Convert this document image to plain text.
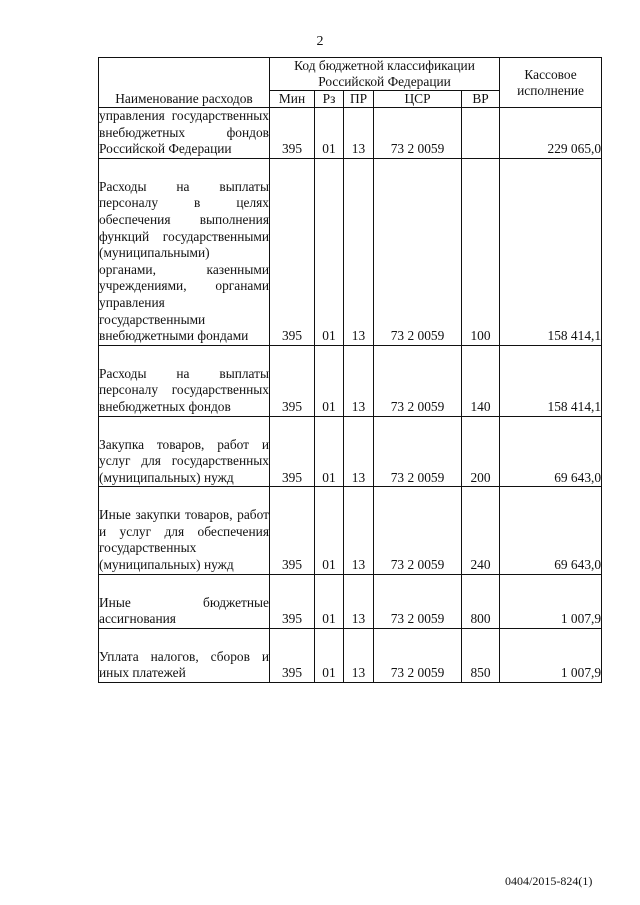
2
Наименование расходов	Код бюджетной классификации Российской Федерации					Кассовое исполнение
	Мин	Рз	ПР	ЦСР	ВР	
управления государственных внебюджетных фондов Российской Федерации	395	01	13	73 2 0059		229 065,0
Расходы на выплаты персоналу в целях обеспечения выполнения функций государственными (муниципальными) органами, казенными учреждениями, органами управления государственными внебюджетными фондами	395	01	13	73 2 0059	100	158 414,1
Расходы на выплаты персоналу государственных внебюджетных фондов	395	01	13	73 2 0059	140	158 414,1
Закупка товаров, работ и услуг для государственных (муниципальных) нужд	395	01	13	73 2 0059	200	69 643,0
Иные закупки товаров, работ и услуг для обеспечения государственных (муниципальных) нужд	395	01	13	73 2 0059	240	69 643,0
Иные бюджетные ассигнования	395	01	13	73 2 0059	800	1 007,9
Уплата налогов, сборов и иных платежей	395	01	13	73 2 0059	850	1 007,9
0404/2015-824(1)
